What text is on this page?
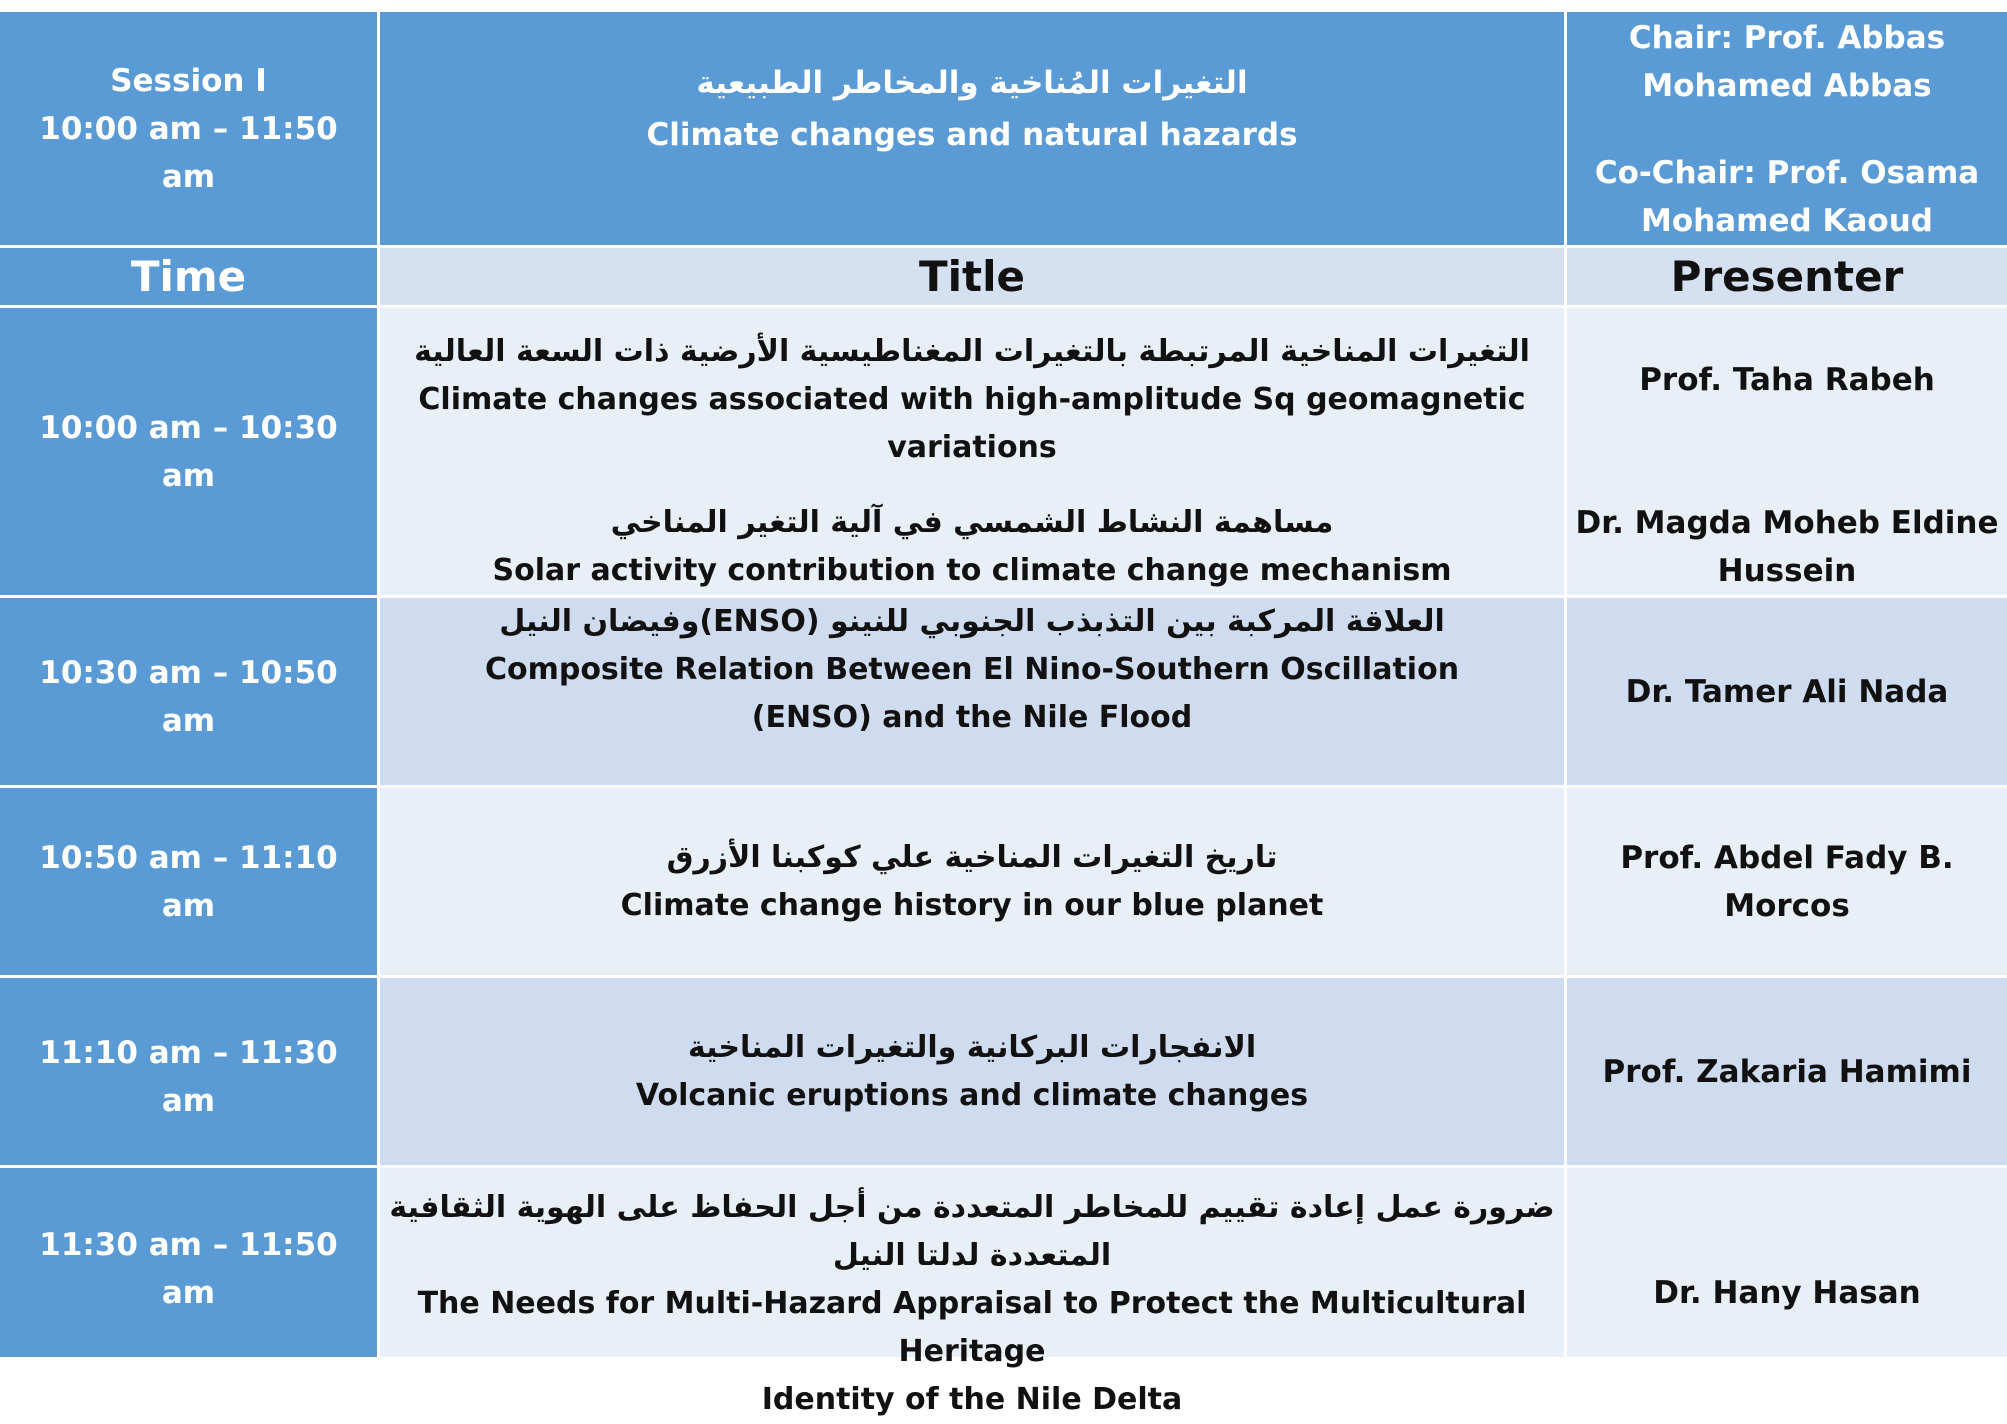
Session I
10:00 am – 11:50 am
التغيرات المُناخية والمخاطر الطبيعية
Climate changes and natural hazards
Chair: Prof. Abbas
Mohamed Abbas
Co-Chair: Prof. Osama
Mohamed Kaoud
Time	Title	Presenter
10:00 am – 10:30 am
التغيرات المناخية المرتبطة بالتغيرات المغناطيسية الأرضية ذات السعة العالية
Climate changes associated with high-amplitude Sq geomagnetic variations
مساهمة النشاط الشمسي في آلية التغير المناخي
Solar activity contribution to climate change mechanism
Prof. Taha Rabeh
Dr. Magda Moheb Eldine
Hussein
10:30 am – 10:50 am
العلاقة المركبة بين التذبذب الجنوبي للنينو (ENSO)وفيضان النيل
Composite Relation Between El Nino-Southern Oscillation
(ENSO) and the Nile Flood
Dr. Tamer Ali Nada
10:50 am – 11:10 am
تاريخ التغيرات المناخية علي كوكبنا الأزرق
Climate change history in our blue planet
Prof. Abdel Fady B. Morcos
11:10 am – 11:30 am
الانفجارات البركانية والتغيرات المناخية
Volcanic eruptions and climate changes
Prof. Zakaria Hamimi
11:30 am – 11:50 am
ضرورة عمل إعادة تقييم للمخاطر المتعددة من أجل الحفاظ على الهوية الثقافية المتعددة لدلتا النيل
The Needs for Multi-Hazard Appraisal to Protect the Multicultural Heritage
Identity of the Nile Delta
Dr. Hany Hasan
